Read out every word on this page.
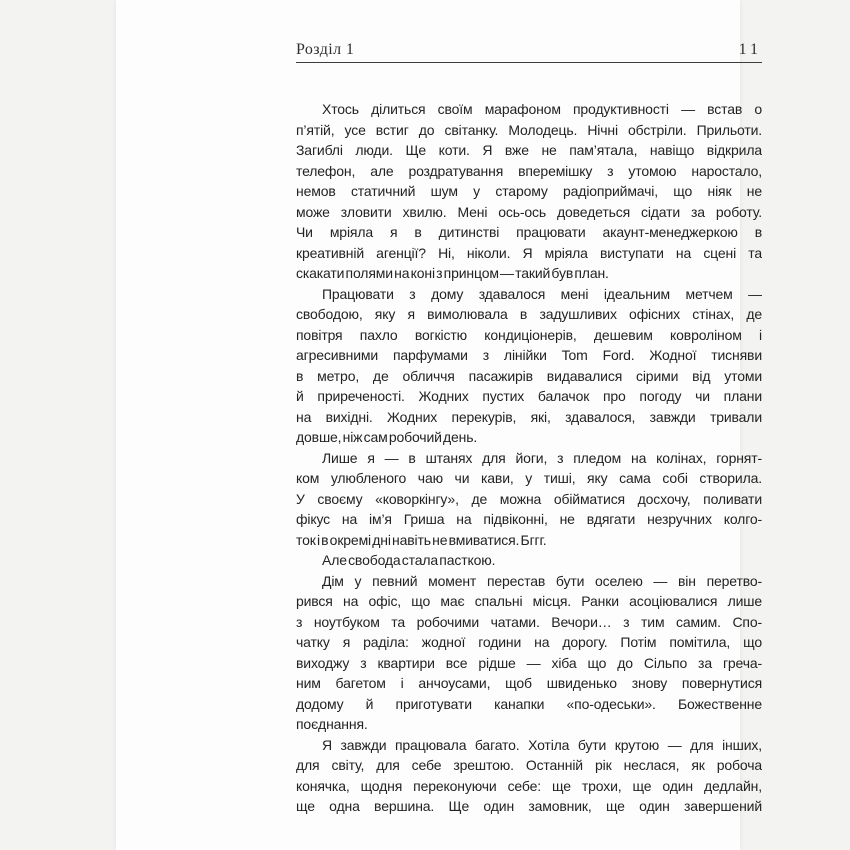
Розділ 1	11
Хтось ділиться своїм марафоном продуктивності — встав о
п’ятій, усе встиг до світанку. Молодець. Нічні обстріли. Прильоти.
Загиблі люди. Ще коти. Я вже не пам’ятала, навіщо відкрила
телефон, але роздратування вперемішку з утомою наростало,
немов статичний шум у старому радіоприймачі, що ніяк не
може зловити хвилю. Мені ось-ось доведеться сідати за роботу.
Чи мріяла я в дитинстві працювати акаунт-менеджеркою в
креативній агенції? Ні, ніколи. Я мріяла виступати на сцені та
скакати полями на коні з принцом — такий був план.
Працювати з дому здавалося мені ідеальним метчем —
свободою, яку я вимолювала в задушливих офісних стінах, де
повітря пахло вогкістю кондиціонерів, дешевим ковроліном і
агресивними парфумами з лінійки Tom Ford. Жодної тисняви
в метро, де обличчя пасажирів видавалися сірими від утоми
й приреченості. Жодних пустих балачок про погоду чи плани
на вихідні. Жодних перекурів, які, здавалося, завжди тривали
довше, ніж сам робочий день.
Лише я — в штанях для йоги, з пледом на колінах, горнят-
ком улюбленого чаю чи кави, у тиші, яку сама собі створила.
У своєму «коворкінгу», де можна обійматися досхочу, поливати
фікус на ім’я Гриша на підвіконні, не вдягати незручних колго-
ток і в окремі дні навіть не вмиватися. Бггг.
Але свобода стала пасткою.
Дім у певний момент перестав бути оселею — він перетво-
рився на офіс, що має спальні місця. Ранки асоціювалися лише
з ноутбуком та робочими чатами. Вечори… з тим самим. Спо-
чатку я раділа: жодної години на дорогу. Потім помітила, що
виходжу з квартири все рідше — хіба що до Сільпо за греча-
ним багетом і анчоусами, щоб швиденько знову повернутися
додому й приготувати канапки «по-одеськи». Божественне
поєднання.
Я завжди працювала багато. Хотіла бути крутою — для інших,
для світу, для себе зрештою. Останній рік неслася, як робоча
конячка, щодня переконуючи себе: ще трохи, ще один дедлайн,
ще одна вершина. Ще один замовник, ще один завершений
